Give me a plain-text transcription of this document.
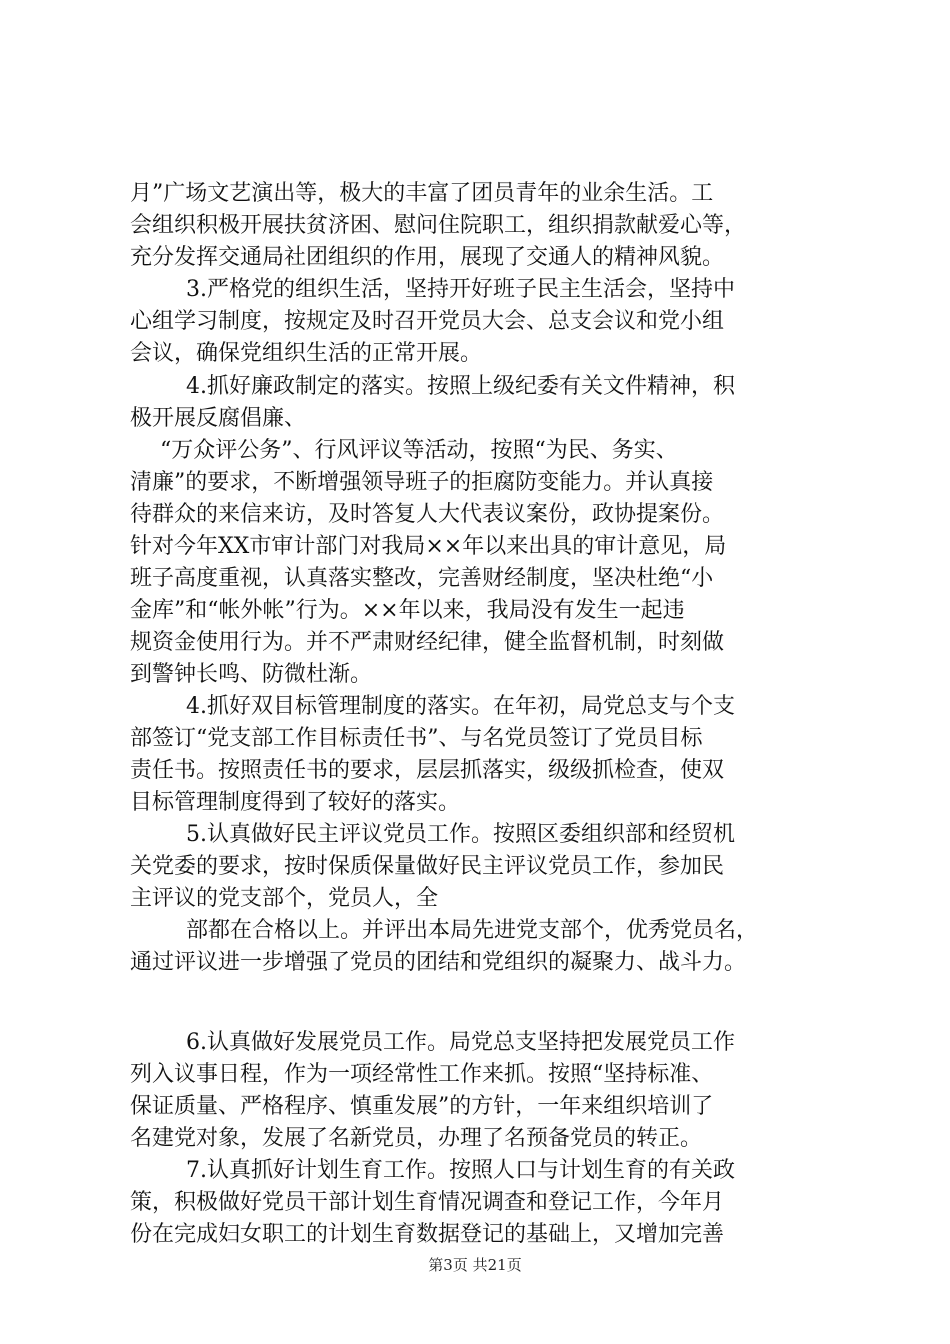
月”广场文艺演出等，极大的丰富了团员青年的业余生活。工
会组织积极开展扶贫济困、慰问住院职工，组织捐款献爱心等，
充分发挥交通局社团组织的作用，展现了交通人的精神风貌。
3.严格党的组织生活，坚持开好班子民主生活会，坚持中
心组学习制度，按规定及时召开党员大会、总支会议和党小组
会议，确保党组织生活的正常开展。
4.抓好廉政制定的落实。按照上级纪委有关文件精神，积
极开展反腐倡廉、
“万众评公务”、行风评议等活动，按照“为民、务实、
清廉”的要求，不断增强领导班子的拒腐防变能力。并认真接
待群众的来信来访，及时答复人大代表议案份，政协提案份。
针对今年XX市审计部门对我局××年以来出具的审计意见，局
班子高度重视，认真落实整改，完善财经制度，坚决杜绝“小
金库”和“帐外帐”行为。××年以来，我局没有发生一起违
规资金使用行为。并不严肃财经纪律，健全监督机制，时刻做
到警钟长鸣、防微杜渐。
4.抓好双目标管理制度的落实。在年初，局党总支与个支
部签订“党支部工作目标责任书”、与名党员签订了党员目标
责任书。按照责任书的要求，层层抓落实，级级抓检查，使双
目标管理制度得到了较好的落实。
5.认真做好民主评议党员工作。按照区委组织部和经贸机
关党委的要求，按时保质保量做好民主评议党员工作，参加民
主评议的党支部个，党员人，全
部都在合格以上。并评出本局先进党支部个，优秀党员名，
通过评议进一步增强了党员的团结和党组织的凝聚力、战斗力。
6.认真做好发展党员工作。局党总支坚持把发展党员工作
列入议事日程，作为一项经常性工作来抓。按照“坚持标准、
保证质量、严格程序、慎重发展”的方针，一年来组织培训了
名建党对象，发展了名新党员，办理了名预备党员的转正。
7.认真抓好计划生育工作。按照人口与计划生育的有关政
策，积极做好党员干部计划生育情况调查和登记工作，今年月
份在完成妇女职工的计划生育数据登记的基础上，又增加完善
第3页 共21页
